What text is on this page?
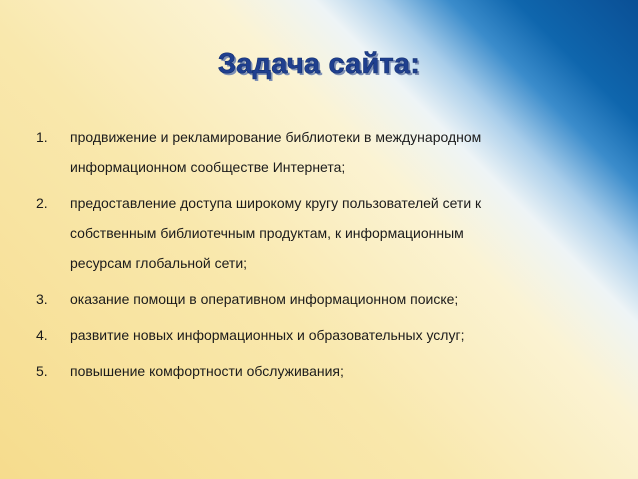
Задача сайта:
1.	продвижение и рекламирование библиотеки в международном
информационном сообществе Интернета;
2.	предоставление доступа широкому кругу пользователей сети к
собственным библиотечным продуктам, к информационным
ресурсам глобальной сети;
3.	оказание помощи в оперативном информационном поиске;
4.	развитие новых информационных и образовательных услуг;
5.	повышение комфортности обслуживания;
